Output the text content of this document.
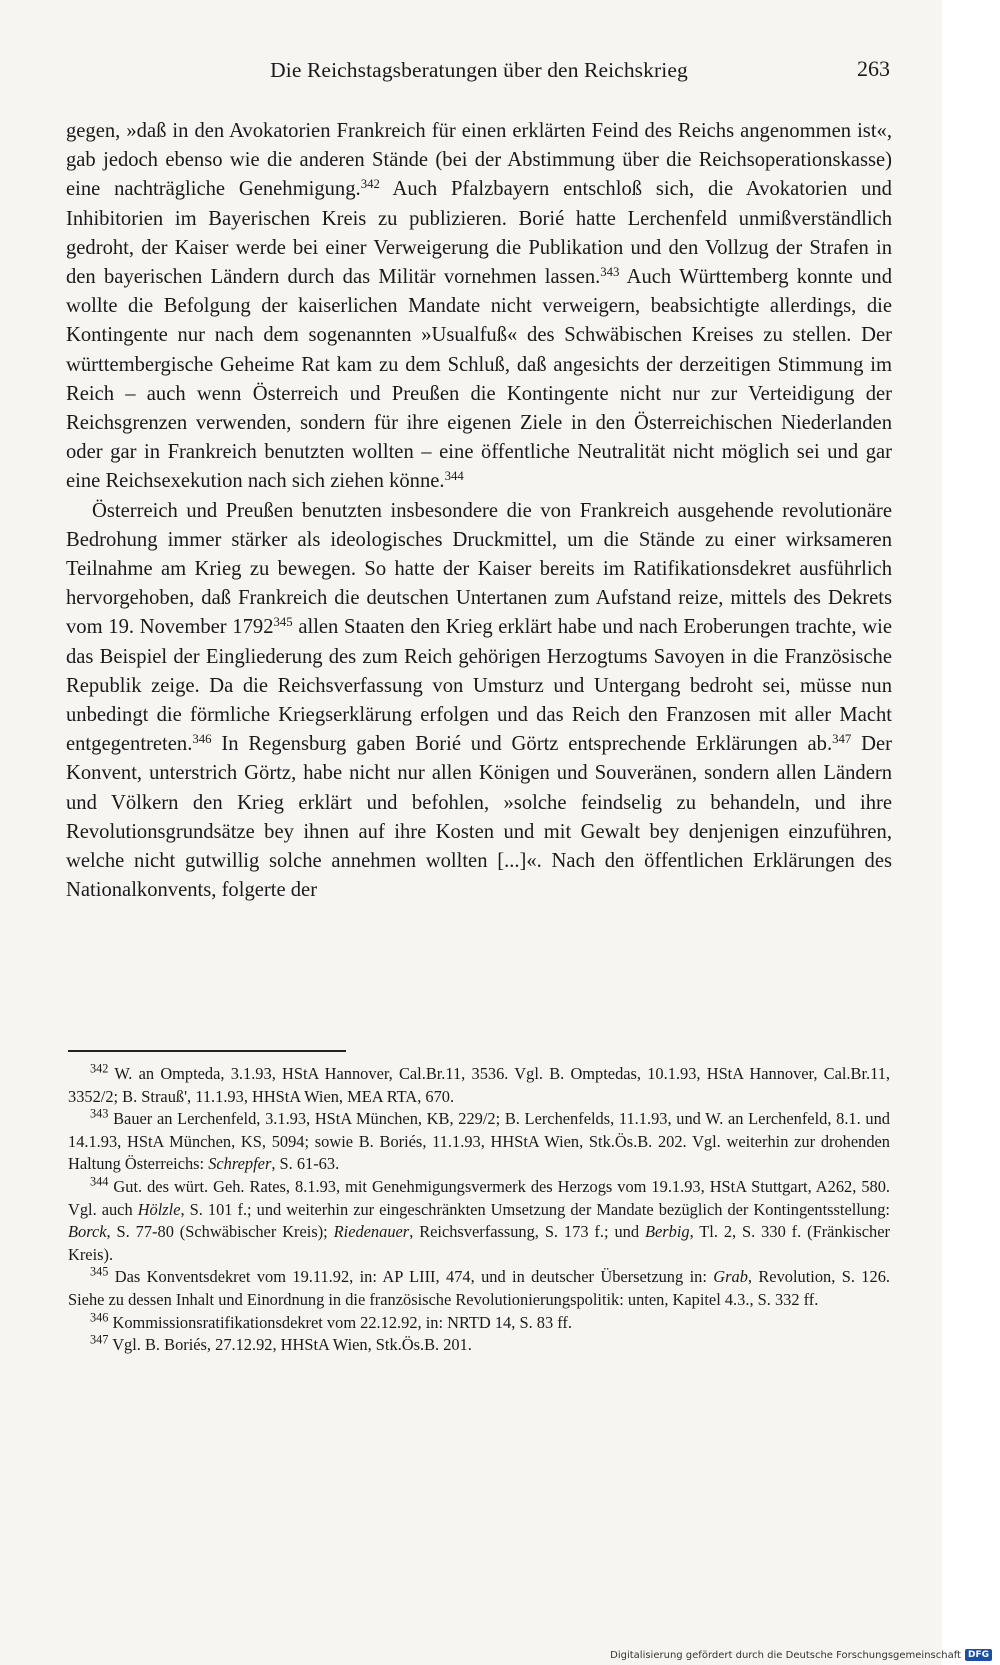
Die Reichstagsberatungen über den Reichskrieg	263

gegen, »daß in den Avokatorien Frankreich für einen erklärten Feind des Reichs angenommen ist«, gab jedoch ebenso wie die anderen Stände (bei der Abstimmung über die Reichsoperationskasse) eine nachträgliche Genehmigung.$^{342}$ Auch Pfalzbayern entschloß sich, die Avokatorien und Inhibitorien im Bayerischen Kreis zu publizieren. Borié hatte Lerchenfeld unmißverständlich gedroht, der Kaiser werde bei einer Verweigerung die Publikation und den Vollzug der Strafen in den bayerischen Ländern durch das Militär vornehmen lassen.$^{343}$ Auch Württemberg konnte und wollte die Befolgung der kaiserlichen Mandate nicht verweigern, beabsichtigte allerdings, die Kontingente nur nach dem sogenannten »Usualfuß« des Schwäbischen Kreises zu stellen. Der württembergische Geheime Rat kam zu dem Schluß, daß angesichts der derzeitigen Stimmung im Reich – auch wenn Österreich und Preußen die Kontingente nicht nur zur Verteidigung der Reichsgrenzen verwenden, sondern für ihre eigenen Ziele in den Österreichischen Niederlanden oder gar in Frankreich benutzten wollten – eine öffentliche Neutralität nicht möglich sei und gar eine Reichsexekution nach sich ziehen könne.$^{344}$

Österreich und Preußen benutzten insbesondere die von Frankreich ausgehende revolutionäre Bedrohung immer stärker als ideologisches Druckmittel, um die Stände zu einer wirksameren Teilnahme am Krieg zu bewegen. So hatte der Kaiser bereits im Ratifikationsdekret ausführlich hervorgehoben, daß Frankreich die deutschen Untertanen zum Aufstand reize, mittels des Dekrets vom 19. November 1792$^{345}$ allen Staaten den Krieg erklärt habe und nach Eroberungen trachte, wie das Beispiel der Eingliederung des zum Reich gehörigen Herzogtums Savoyen in die Französische Republik zeige. Da die Reichsverfassung von Umsturz und Untergang bedroht sei, müsse nun unbedingt die förmliche Kriegserklärung erfolgen und das Reich den Franzosen mit aller Macht entgegentreten.$^{346}$ In Regensburg gaben Borié und Görtz entsprechende Erklärungen ab.$^{347}$ Der Konvent, unterstrich Görtz, habe nicht nur allen Königen und Souveränen, sondern allen Ländern und Völkern den Krieg erklärt und befohlen, »solche feindselig zu behandeln, und ihre Revolutionsgrundsätze bey ihnen auf ihre Kosten und mit Gewalt bey denjenigen einzuführen, welche nicht gutwillig solche annehmen wollten [...]«. Nach den öffentlichen Erklärungen des Nationalkonvents, folgerte der

$^{342}$ W. an Ompteda, 3.1.93, HStA Hannover, Cal.Br.11, 3536. Vgl. B. Omptedas, 10.1.93, HStA Hannover, Cal.Br.11, 3352/2; B. Strauß', 11.1.93, HHStA Wien, MEA RTA, 670.

$^{343}$ Bauer an Lerchenfeld, 3.1.93, HStA München, KB, 229/2; B. Lerchenfelds, 11.1.93, und W. an Lerchenfeld, 8.1. und 14.1.93, HStA München, KS, 5094; sowie B. Boriés, 11.1.93, HHStA Wien, Stk.Ös.B. 202. Vgl. weiterhin zur drohenden Haltung Österreichs: Schrepfer, S. 61-63.

$^{344}$ Gut. des würt. Geh. Rates, 8.1.93, mit Genehmigungsvermerk des Herzogs vom 19.1.93, HStA Stuttgart, A262, 580. Vgl. auch Hölzle, S. 101 f.; und weiterhin zur eingeschränkten Umsetzung der Mandate bezüglich der Kontingentsstellung: Borck, S. 77-80 (Schwäbischer Kreis); Riedenauer, Reichsverfassung, S. 173 f.; und Berbig, Tl. 2, S. 330 f. (Fränkischer Kreis).

$^{345}$ Das Konventsdekret vom 19.11.92, in: AP LIII, 474, und in deutscher Übersetzung in: Grab, Revolution, S. 126. Siehe zu dessen Inhalt und Einordnung in die französische Revolutionierungspolitik: unten, Kapitel 4.3., S. 332 ff.

$^{346}$ Kommissionsratifikationsdekret vom 22.12.92, in: NRTD 14, S. 83 ff.

$^{347}$ Vgl. B. Boriés, 27.12.92, HHStA Wien, Stk.Ös.B. 201.

Digitalisierung gefördert durch die Deutsche Forschungsgemeinschaft DFG
